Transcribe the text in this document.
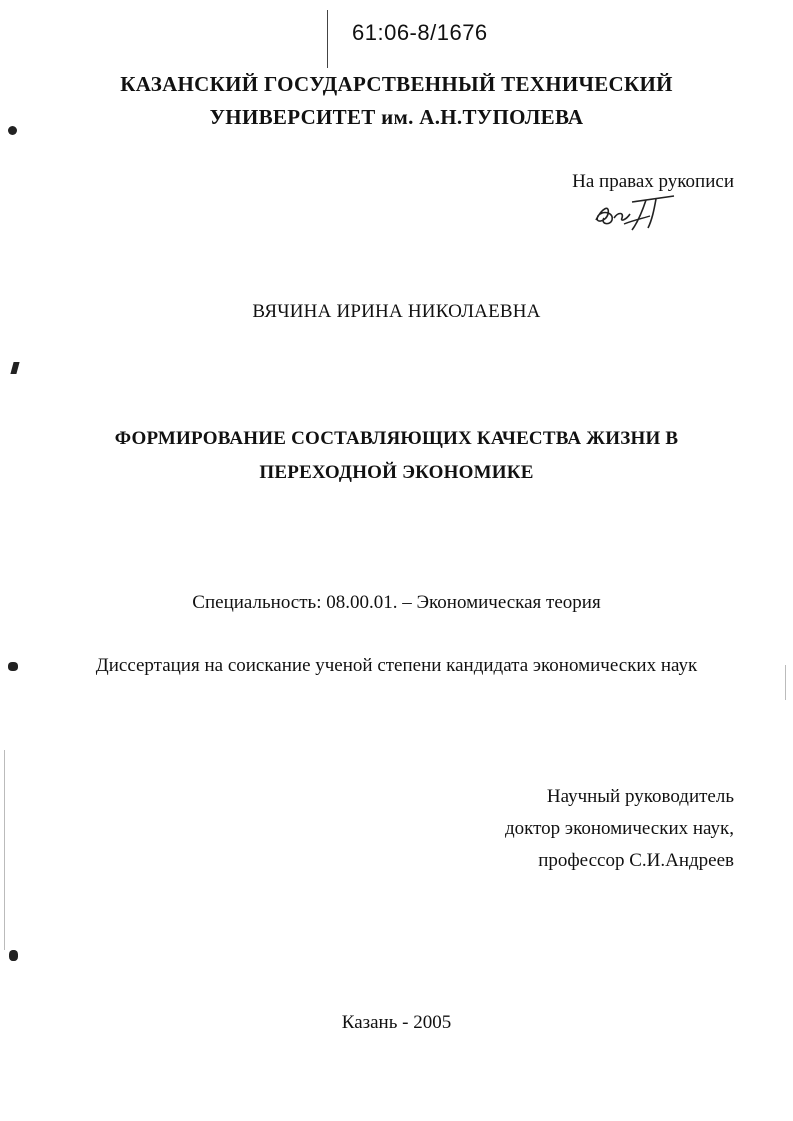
61:06-8/1676
КАЗАНСКИЙ ГОСУДАРСТВЕННЫЙ ТЕХНИЧЕСКИЙ
УНИВЕРСИТЕТ им. А.Н.ТУПОЛЕВА
На правах рукописи
ВЯЧИНА ИРИНА НИКОЛАЕВНА
ФОРМИРОВАНИЕ СОСТАВЛЯЮЩИХ КАЧЕСТВА ЖИЗНИ В
ПЕРЕХОДНОЙ ЭКОНОМИКЕ
Специальность: 08.00.01. – Экономическая теория
Диссертация на соискание ученой степени кандидата экономических наук
Научный руководитель
доктор экономических наук,
профессор С.И.Андреев
Казань - 2005
